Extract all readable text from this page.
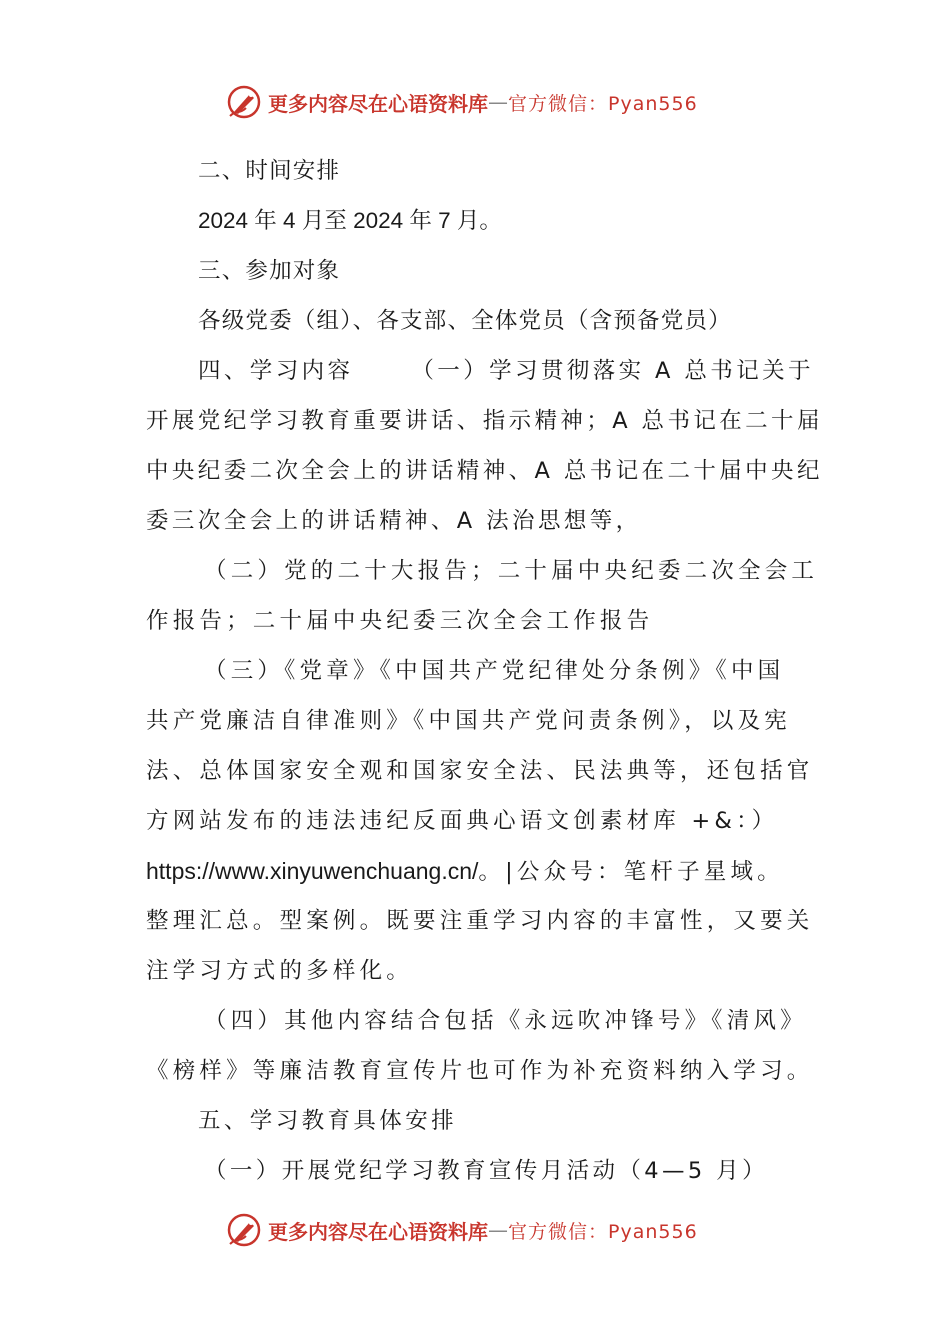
更多内容尽在心语资料库 — 官方微信：Pyan556
二、时间安排
2024 年 4 月至 2024 年 7 月。
三、参加对象
各级党委（组）、各支部、全体党员（含预备党员）
四、学习内容	（一）学习贯彻落实 A 总书记关于
开展党纪学习教育重要讲话、指示精神；A 总书记在二十届
中央纪委二次全会上的讲话精神、A 总书记在二十届中央纪
委三次全会上的讲话精神、A 法治思想等，
（二）党的二十大报告；二十届中央纪委二次全会工
作报告；二十届中央纪委三次全会工作报告
（三）《党章》《中国共产党纪律处分条例》《中国
共产党廉洁自律准则》《中国共产党问责条例》，以及宪
法、总体国家安全观和国家安全法、民法典等，还包括官
方网站发布的违法违纪反面典心语文创素材库 +&：）
https://www.xinyuwenchuang.cn/。|公众号：笔杆子星域。
整理汇总。型案例。既要注重学习内容的丰富性，又要关
注学习方式的多样化。
（四）其他内容结合包括《永远吹冲锋号》《清风》
《榜样》等廉洁教育宣传片也可作为补充资料纳入学习。
五、学习教育具体安排
（一）开展党纪学习教育宣传月活动（4—5 月）
更多内容尽在心语资料库 — 官方微信：Pyan556
